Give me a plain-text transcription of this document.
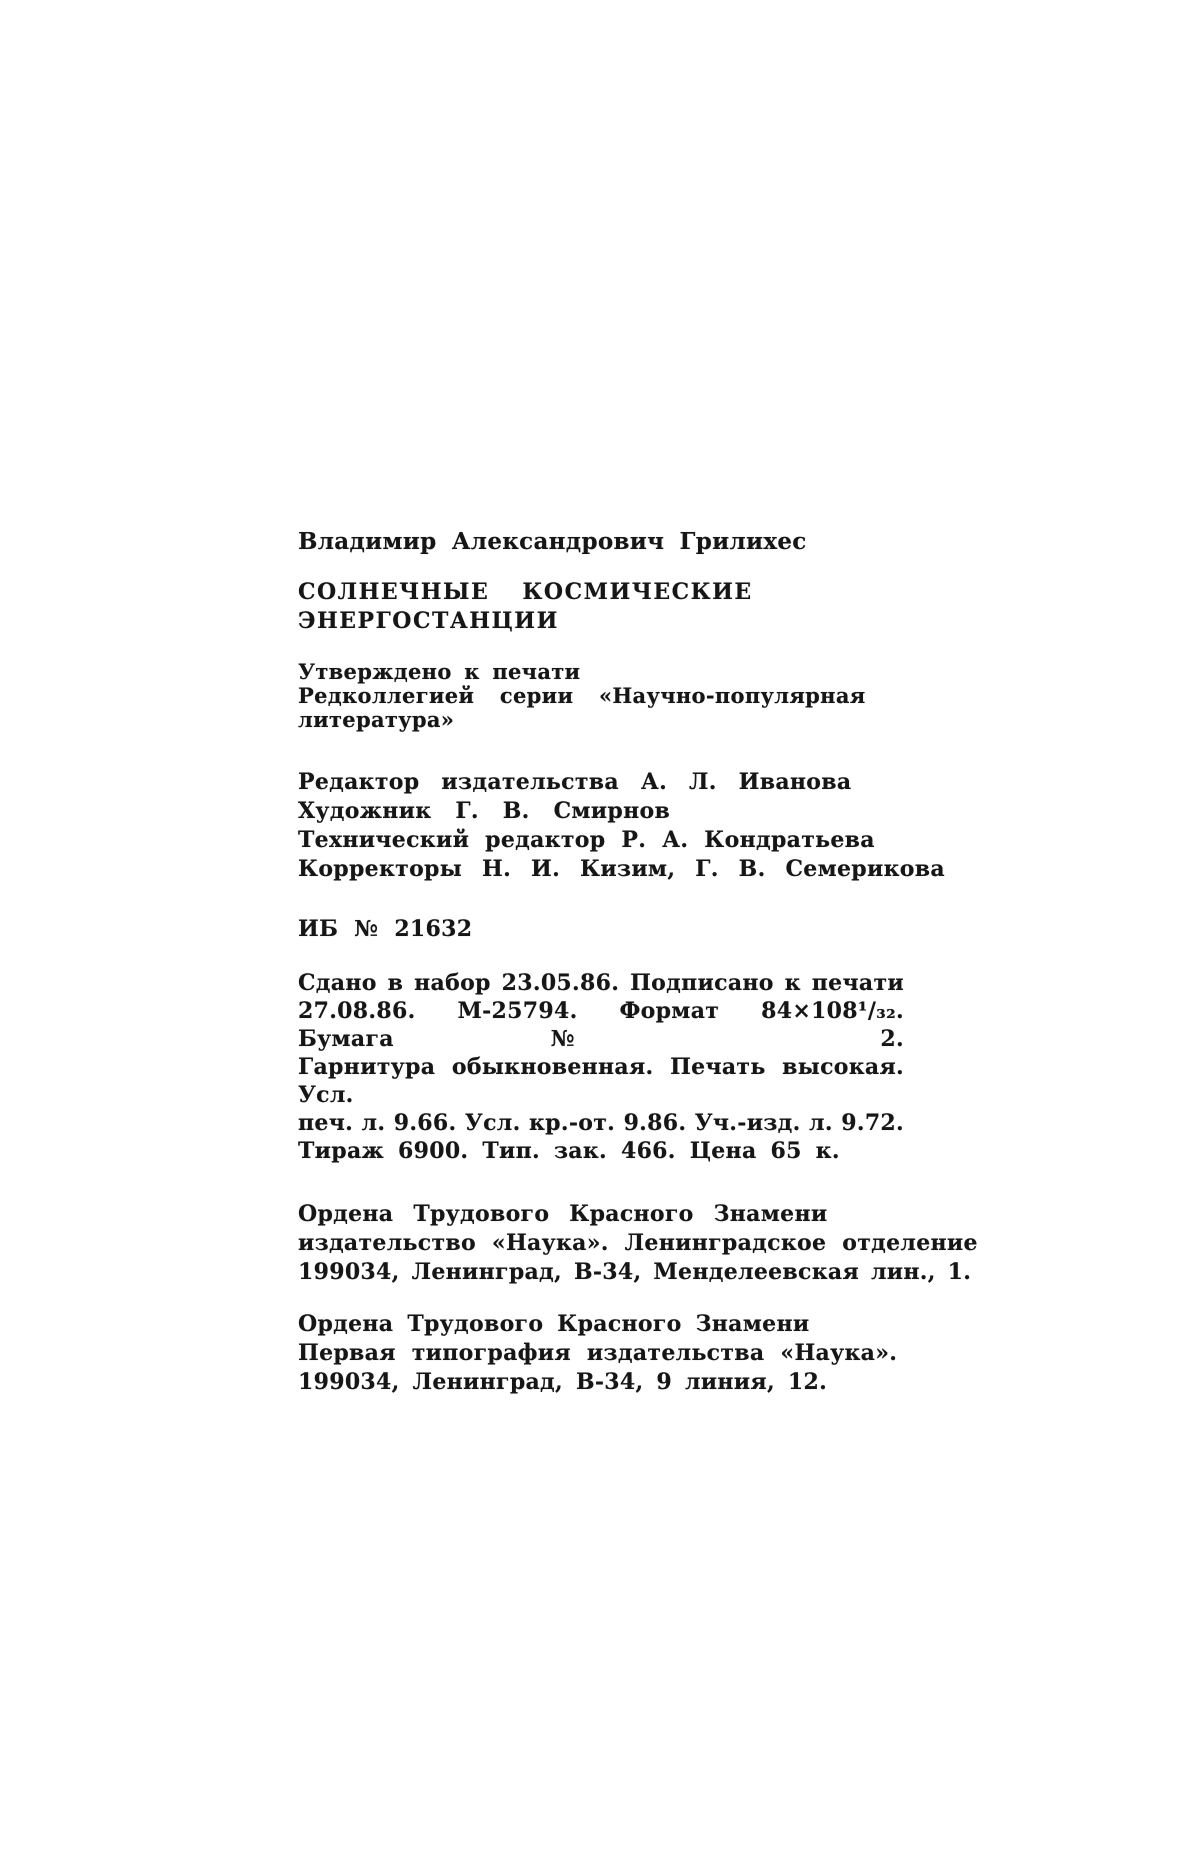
Владимир Александрович Грилихес
СОЛНЕЧНЫЕ КОСМИЧЕСКИЕ
ЭНЕРГОСТАНЦИИ
Утверждено к печати
Редколлегией серии «Научно-популярная
литература»
Редактор издательства А. Л. Иванова
Художник Г. В. Смирнов
Технический редактор Р. А. Кондратьева
Корректоры Н. И. Кизим, Г. В. Семерикова
ИБ № 21632
Сдано в набор 23.05.86. Подписано к печати
27.08.86. М-25794. Формат 84×108¹/₃₂. Бумага № 2.
Гарнитура обыкновенная. Печать высокая. Усл.
печ. л. 9.66. Усл. кр.-от. 9.86. Уч.-изд. л. 9.72.
Тираж 6900. Тип. зак. 466. Цена 65 к.
Ордена Трудового Красного Знамени
издательство «Наука». Ленинградское отделение
199034, Ленинград, В-34, Менделеевская лин., 1.
Ордена Трудового Красного Знамени
Первая типография издательства «Наука».
199034, Ленинград, В-34, 9 линия, 12.
